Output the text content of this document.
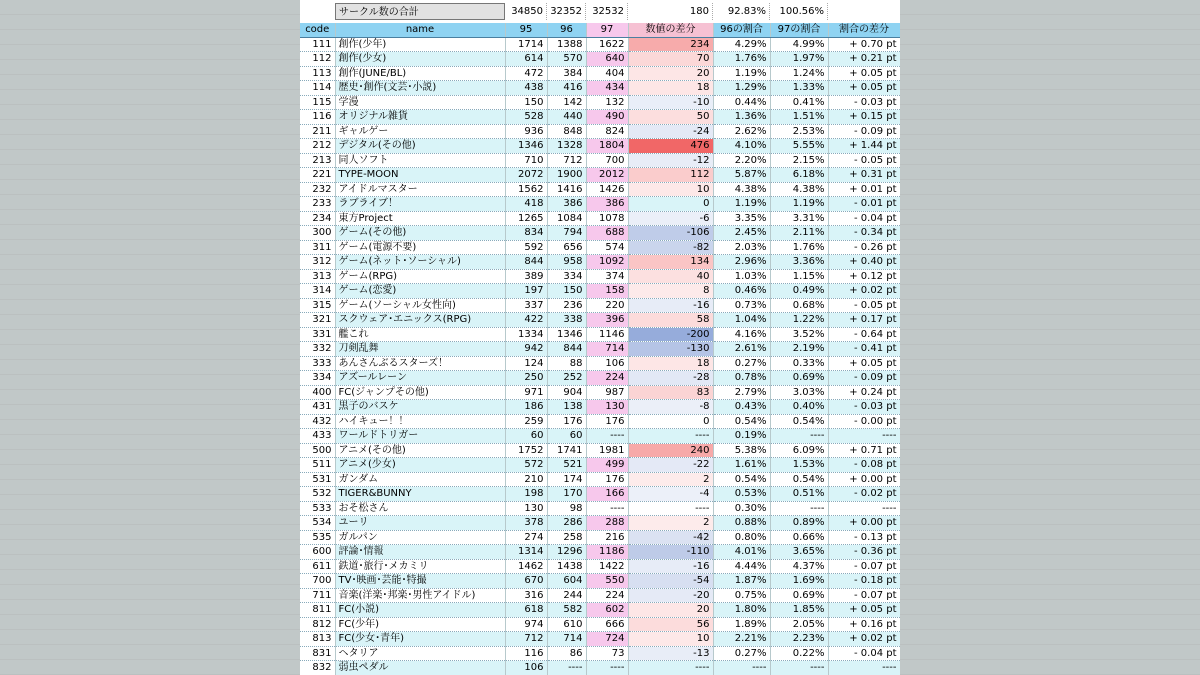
サークル数の合計	34850 32352	32532	180	92.83%	100.56%
code	name	95	96	97	数値の差分	96の割合	97の割合	割合の差分
111	創作(少年)	1714	1388	1622	234	4.29%	4.99%	+ 0.70 pt
112	創作(少女)	614	570	640	70	1.76%	1.97%	+ 0.21 pt
113	創作(JUNE/BL)	472	384	404	20	1.19%	1.24%	+ 0.05 pt
114	歴史･創作(文芸･小説)	438	416	434	18	1.29%	1.33%	+ 0.05 pt
115	学漫	150	142	132	-10	0.44%	0.41%	- 0.03 pt
116	オリジナル雑貨	528	440	490	50	1.36%	1.51%	+ 0.15 pt
211	ギャルゲー	936	848	824	-24	2.62%	2.53%	- 0.09 pt
212	デジタル(その他)	1346	1328	1804	476	4.10%	5.55%	+ 1.44 pt
213	同人ソフト	710	712	700	-12	2.20%	2.15%	- 0.05 pt
221	TYPE-MOON	2072	1900	2012	112	5.87%	6.18%	+ 0.31 pt
232	アイドルマスター	1562	1416	1426	10	4.38%	4.38%	+ 0.01 pt
233	ラブライブ！	418	386	386	0	1.19%	1.19%	- 0.01 pt
234	東方Project	1265	1084	1078	-6	3.35%	3.31%	- 0.04 pt
300	ゲーム(その他)	834	794	688	-106	2.45%	2.11%	- 0.34 pt
311	ゲーム(電源不要)	592	656	574	-82	2.03%	1.76%	- 0.26 pt
312	ゲーム(ネット･ソーシャル)	844	958	1092	134	2.96%	3.36%	+ 0.40 pt
313	ゲーム(RPG)	389	334	374	40	1.03%	1.15%	+ 0.12 pt
314	ゲーム(恋愛)	197	150	158	8	0.46%	0.49%	+ 0.02 pt
315	ゲーム(ソーシャル女性向)	337	236	220	-16	0.73%	0.68%	- 0.05 pt
321	スクウェア･エニックス(RPG)	422	338	396	58	1.04%	1.22%	+ 0.17 pt
331	艦これ	1334	1346	1146	-200	4.16%	3.52%	- 0.64 pt
332	刀剣乱舞	942	844	714	-130	2.61%	2.19%	- 0.41 pt
333	あんさんぶるスターズ！	124	88	106	18	0.27%	0.33%	+ 0.05 pt
334	アズールレーン	250	252	224	-28	0.78%	0.69%	- 0.09 pt
400	FC(ジャンプその他)	971	904	987	83	2.79%	3.03%	+ 0.24 pt
431	黒子のバスケ	186	138	130	-8	0.43%	0.40%	- 0.03 pt
432	ハイキュー！！	259	176	176	0	0.54%	0.54%	- 0.00 pt
433	ワールドトリガー	60	60	----	----	0.19%	----	----
500	アニメ(その他)	1752	1741	1981	240	5.38%	6.09%	+ 0.71 pt
511	アニメ(少女)	572	521	499	-22	1.61%	1.53%	- 0.08 pt
531	ガンダム	210	174	176	2	0.54%	0.54%	+ 0.00 pt
532	TIGER&BUNNY	198	170	166	-4	0.53%	0.51%	- 0.02 pt
533	おそ松さん	130	98	----	----	0.30%	----	----
534	ユーリ	378	286	288	2	0.88%	0.89%	+ 0.00 pt
535	ガルパン	274	258	216	-42	0.80%	0.66%	- 0.13 pt
600	評論･情報	1314	1296	1186	-110	4.01%	3.65%	- 0.36 pt
611	鉄道･旅行･メカミリ	1462	1438	1422	-16	4.44%	4.37%	- 0.07 pt
700	TV･映画･芸能･特撮	670	604	550	-54	1.87%	1.69%	- 0.18 pt
711	音楽(洋楽･邦楽･男性アイドル)	316	244	224	-20	0.75%	0.69%	- 0.07 pt
811	FC(小説)	618	582	602	20	1.80%	1.85%	+ 0.05 pt
812	FC(少年)	974	610	666	56	1.89%	2.05%	+ 0.16 pt
813	FC(少女･青年)	712	714	724	10	2.21%	2.23%	+ 0.02 pt
831	ヘタリア	116	86	73	-13	0.27%	0.22%	- 0.04 pt
832	弱虫ペダル	106	----	----	----	----	----	----
